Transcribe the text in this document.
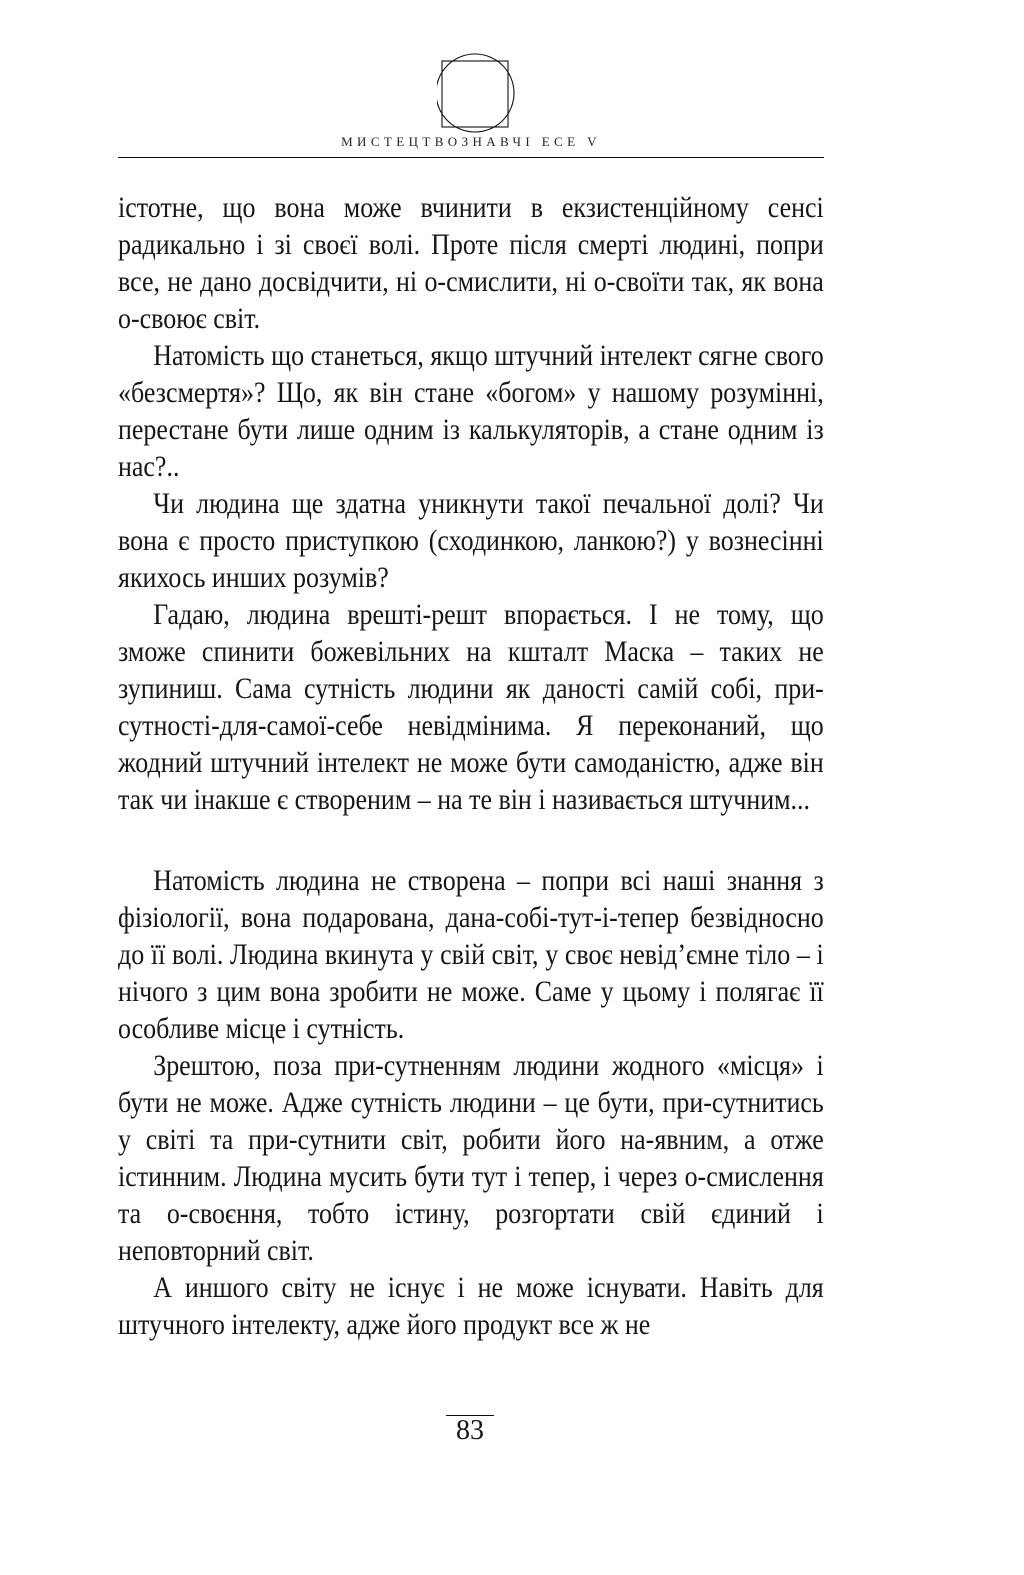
МИСТЕЦТВОЗНАВЧІ ЕСЕ V

істотне, що вона може вчинити в екзистенційному сенсі радикально і зі своєї волі. Проте після смерті людині, попри все, не дано досвідчити, ні о-смислити, ні о-своїти так, як вона о-своює світ.

Натомість що станеться, якщо штучний інтелект сягне свого «безсмертя»? Що, як він стане «богом» у нашому розумінні, перестане бути лише одним із калькуляторів, а стане одним із нас?..

Чи людина ще здатна уникнути такої печальної долі? Чи вона є просто приступкою (сходинкою, ланкою?) у вознесінні якихось инших розумів?

Гадаю, людина врешті-решт впорається. І не тому, що зможе спинити божевільних на кшталт Маска – таких не зупиниш. Сама сутність людини як даності самій собі, при-сутності-для-самої-себе невідмінима. Я переконаний, що жодний штучний інтелект не може бути самоданістю, адже він так чи інакше є створеним – на те він і називається штучним...

Натомість людина не створена – попри всі наші знання з фізіології, вона подарована, дана-собі-тут-і-тепер безвідносно до її волі. Людина вкинута у свій світ, у своє невід’ємне тіло – і нічого з цим вона зробити не може. Саме у цьому і полягає її особливе місце і сутність.

Зрештою, поза при-сутненням людини жодного «місця» і бути не може. Адже сутність людини – це бути, при-сутнитись у світі та при-сутнити світ, робити його на-явним, а отже істинним. Людина мусить бути тут і тепер, і через о-смислення та о-своєння, тобто істину, розгортати свій єдиний і неповторний світ.

А иншого світу не існує і не може існувати. Навіть для штучного інтелекту, адже його продукт все ж не

83
